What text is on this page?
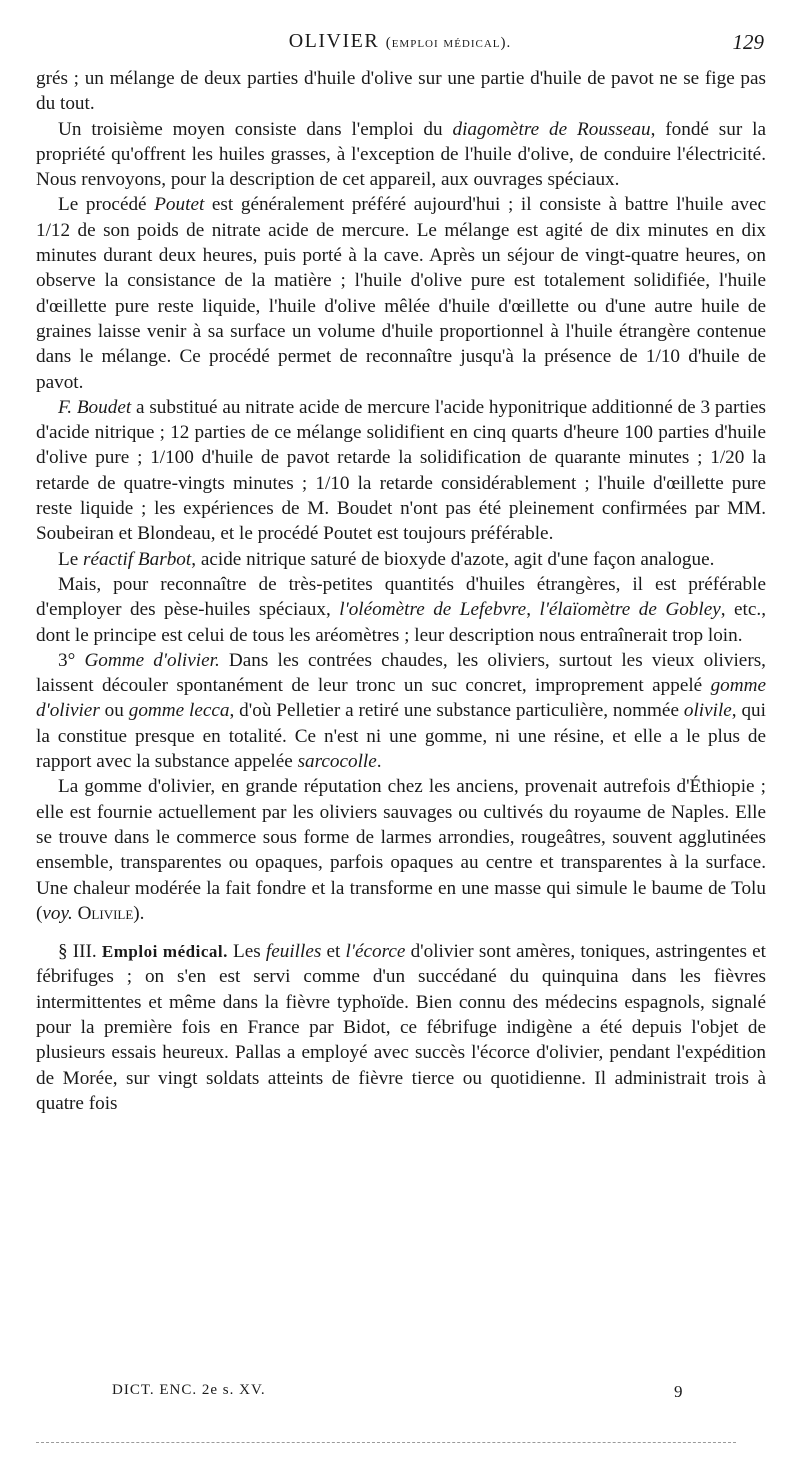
OLIVIER (emploi médical).	129

grés ; un mélange de deux parties d'huile d'olive sur une partie d'huile de pavot ne se fige pas du tout.

Un troisième moyen consiste dans l'emploi du diagomètre de Rousseau, fondé sur la propriété qu'offrent les huiles grasses, à l'exception de l'huile d'olive, de conduire l'électricité. Nous renvoyons, pour la description de cet appareil, aux ouvrages spéciaux.

Le procédé Poutet est généralement préféré aujourd'hui ; il consiste à battre l'huile avec 1/12 de son poids de nitrate acide de mercure. Le mélange est agité de dix minutes en dix minutes durant deux heures, puis porté à la cave. Après un séjour de vingt-quatre heures, on observe la consistance de la matière ; l'huile d'olive pure est totalement solidifiée, l'huile d'œillette pure reste liquide, l'huile d'olive mêlée d'huile d'œillette ou d'une autre huile de graines laisse venir à sa surface un volume d'huile proportionnel à l'huile étrangère contenue dans le mélange. Ce procédé permet de reconnaître jusqu'à la présence de 1/10 d'huile de pavot.

F. Boudet a substitué au nitrate acide de mercure l'acide hyponitrique additionné de 3 parties d'acide nitrique ; 12 parties de ce mélange solidifient en cinq quarts d'heure 100 parties d'huile d'olive pure ; 1/100 d'huile de pavot retarde la solidification de quarante minutes ; 1/20 la retarde de quatre-vingts minutes ; 1/10 la retarde considérablement ; l'huile d'œillette pure reste liquide ; les expériences de M. Boudet n'ont pas été pleinement confirmées par MM. Soubeiran et Blondeau, et le procédé Poutet est toujours préférable.

Le réactif Barbot, acide nitrique saturé de bioxyde d'azote, agit d'une façon analogue.

Mais, pour reconnaître de très-petites quantités d'huiles étrangères, il est préférable d'employer des pèse-huiles spéciaux, l'oléomètre de Lefebvre, l'élaïomètre de Gobley, etc., dont le principe est celui de tous les aréomètres ; leur description nous entraînerait trop loin.

3° Gomme d'olivier. Dans les contrées chaudes, les oliviers, surtout les vieux oliviers, laissent découler spontanément de leur tronc un suc concret, improprement appelé gomme d'olivier ou gomme lecca, d'où Pelletier a retiré une substance particulière, nommée olivile, qui la constitue presque en totalité. Ce n'est ni une gomme, ni une résine, et elle a le plus de rapport avec la substance appelée sarcocolle.

La gomme d'olivier, en grande réputation chez les anciens, provenait autrefois d'Éthiopie ; elle est fournie actuellement par les oliviers sauvages ou cultivés du royaume de Naples. Elle se trouve dans le commerce sous forme de larmes arrondies, rougeâtres, souvent agglutinées ensemble, transparentes ou opaques, parfois opaques au centre et transparentes à la surface. Une chaleur modérée la fait fondre et la transforme en une masse qui simule le baume de Tolu (voy. Olivile).

§ III. Emploi médical. Les feuilles et l'écorce d'olivier sont amères, toniques, astringentes et fébrifuges ; on s'en est servi comme d'un succédané du quinquina dans les fièvres intermittentes et même dans la fièvre typhoïde. Bien connu des médecins espagnols, signalé pour la première fois en France par Bidot, ce fébrifuge indigène a été depuis l'objet de plusieurs essais heureux. Pallas a employé avec succès l'écorce d'olivier, pendant l'expédition de Morée, sur vingt soldats atteints de fièvre tierce ou quotidienne. Il administrait trois à quatre fois

DICT. ENC. 2e s. XV.	9
